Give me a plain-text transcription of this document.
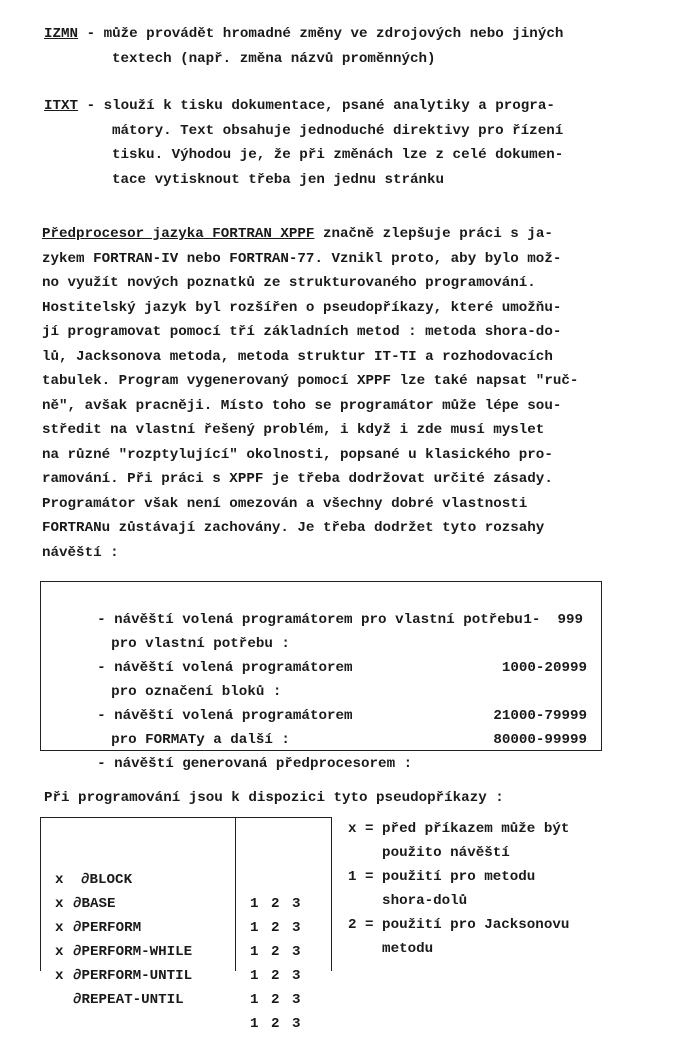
IZMN - může provádět hromadné změny ve zdrojových nebo jiných
textech (např. změna názvů proměnných)
ITXT - slouží k tisku dokumentace, psané analytiky a progra-
mátory. Text obsahuje jednoduché direktivy pro řízení
tisku. Výhodou je, že při změnách lze z celé dokumen-
tace vytisknout třeba jen jednu stránku
Předprocesor jazyka FORTRAN XPPF značně zlepšuje práci s ja-
zykem FORTRAN-IV nebo FORTRAN-77. Vznikl proto, aby bylo mož-
no využít nových poznatků ze strukturovaného programování.
Hostitelský jazyk byl rozšířen o pseudopříkazy, které umožňu-
jí programovat pomocí tří základních metod : metoda shora-do-
lů, Jacksonova metoda, metoda struktur IT-TI a rozhodovacích
tabulek. Program vygenerovaný pomocí XPPF lze také napsat "ruč-
ně", avšak pracněji. Místo toho se programátor může lépe sou-
středit na vlastní řešený problém, i když i zde musí myslet
na různé "rozptylující" okolnosti, popsané u klasického pro-
ramování. Při práci s XPPF je třeba dodržovat určité zásady.
Programátor však není omezován a všechny dobré vlastnosti
FORTRANu zůstávají zachovány. Je třeba dodržet tyto rozsahy
návěští :

- návěští volená programátorem pro vlastní potřebu

pro vlastní potřebu :

1-  999

- návěští volená programátorem

pro označení bloků :

1000-20999

- návěští volená programátorem

pro FORMATy a další :

21000-79999

- návěští generovaná předprocesorem :

80000-99999

Při programování jsou k dispozici tyto pseudopříkazy :

∂BLOCK

1 2 3

x

∂BASE

1 2 3

x

∂PERFORM

1 2 3

x

∂PERFORM-WHILE

1 2 3

x

∂PERFORM-UNTIL

1 2 3

x

∂REPEAT-UNTIL

1 2 3

x = před příkazem může být
použito návěští
1 = použití pro metodu
shora-dolů
2 = použití pro Jacksonovu
metodu
